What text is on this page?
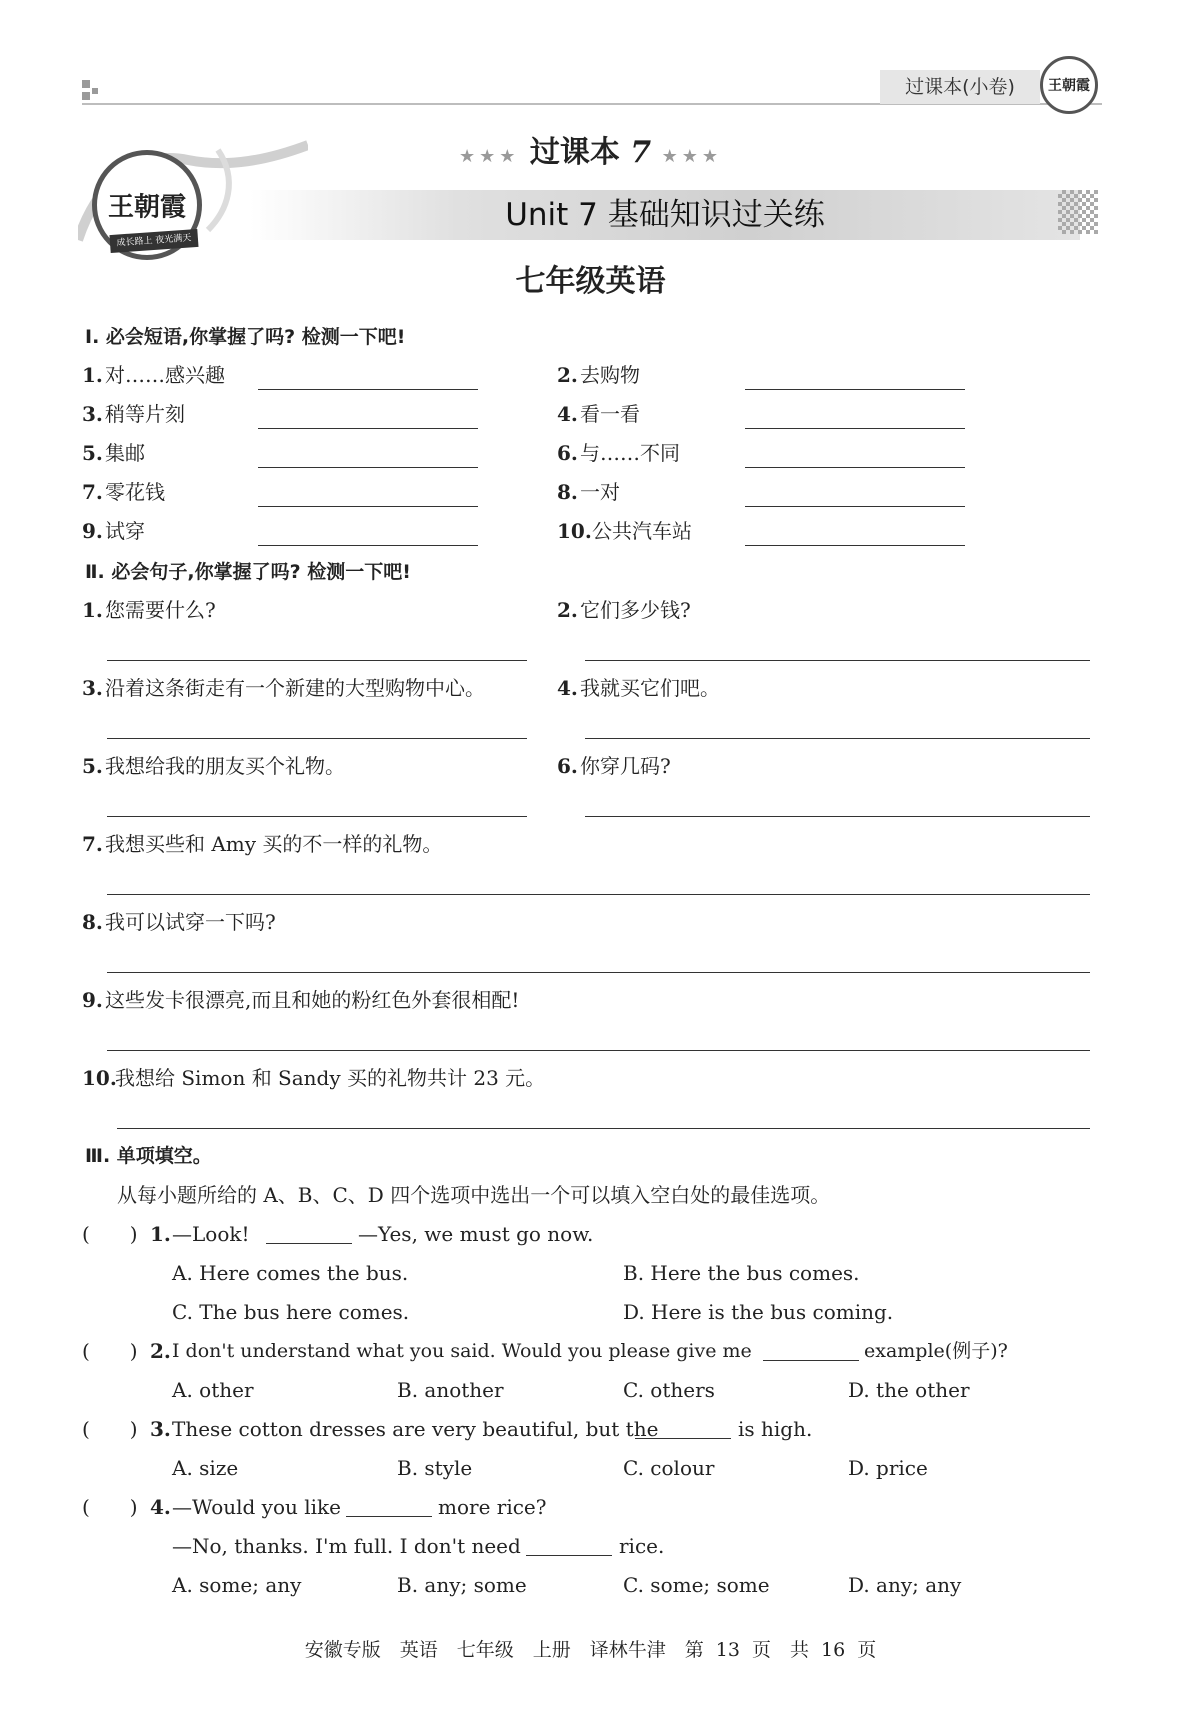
过课本(小卷)	王朝霞
王朝霞
成长路上 夜光满天
★★★ 过课本 7 ★★★
Unit 7 基础知识过关练
七年级英语
Ⅰ. 必会短语,你掌握了吗? 检测一下吧!
1. 对……感兴趣	2. 去购物
3. 稍等片刻	4. 看一看
5. 集邮	6. 与……不同
7. 零花钱	8. 一对
9. 试穿	10. 公共汽车站
Ⅱ. 必会句子,你掌握了吗? 检测一下吧!
1. 您需要什么?	2. 它们多少钱?
3. 沿着这条街走有一个新建的大型购物中心。	4. 我就买它们吧。
5. 我想给我的朋友买个礼物。	6. 你穿几码?
7. 我想买些和 Amy 买的不一样的礼物。
8. 我可以试穿一下吗?
9. 这些发卡很漂亮,而且和她的粉红色外套很相配!
10.
我想给 Simon 和 Sandy 买的礼物共计 23 元。
Ⅲ. 单项填空。
从每小题所给的 A、B、C、D 四个选项中选出一个可以填入空白处的最佳选项。
(　　) 1. —Look!	—Yes, we must go now.
A. Here comes the bus.	B. Here the bus comes.
C. The bus here comes.	D. Here is the bus coming.
(　　) 2. I don't understand what you said. Would you please give me	example(例子)?
A. other	B. another	C. others	D. the other
(　　) 3. These cotton dresses are very beautiful, but the	is high.
A. size	B. style	C. colour	D. price
(　　) 4. —Would you like	more rice?
—No, thanks. I'm full. I don't need	rice.
A. some; any	B. any; some	C. some; some	D. any; any
安徽专版　英语　七年级　上册　译林牛津　第 13 页　共 16 页
